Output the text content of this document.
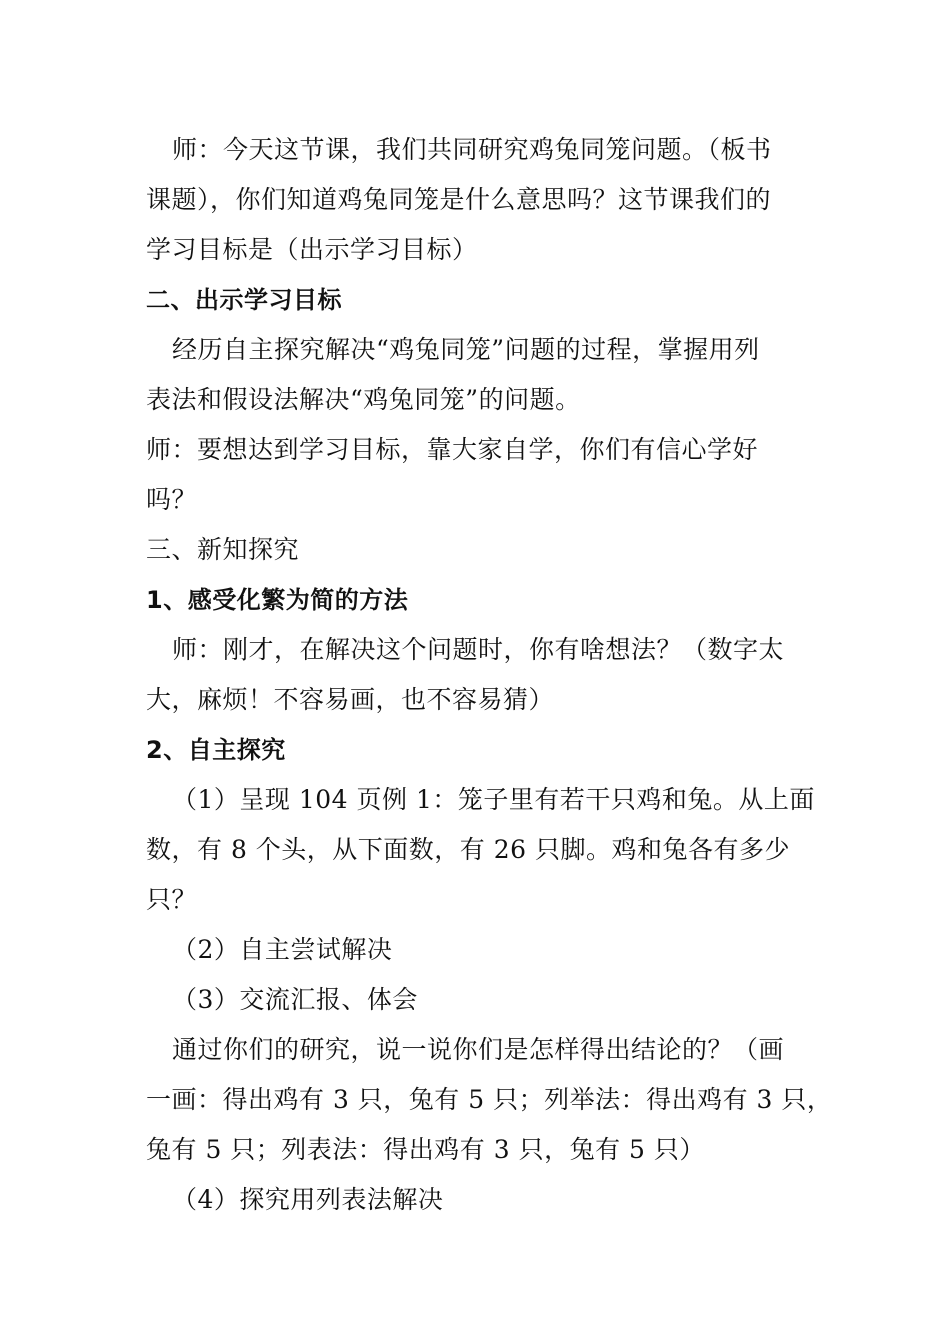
师：今天这节课，我们共同研究鸡兔同笼问题。（板书

课题），你们知道鸡兔同笼是什么意思吗？这节课我们的

学习目标是（出示学习目标）

二、出示学习目标

经历自主探究解决“鸡兔同笼”问题的过程，掌握用列

表法和假设法解决“鸡兔同笼”的问题。

师：要想达到学习目标，靠大家自学，你们有信心学好

吗？

三、新知探究

1、感受化繁为简的方法

师：刚才，在解决这个问题时，你有啥想法？（数字太

大，麻烦！不容易画，也不容易猜）

2、自主探究

（1）呈现 104 页例 1：笼子里有若干只鸡和兔。从上面

数，有 8 个头，从下面数，有 26 只脚。鸡和兔各有多少

只？

（2）自主尝试解决

（3）交流汇报、体会

通过你们的研究，说一说你们是怎样得出结论的？（画

一画：得出鸡有 3 只，兔有 5 只；列举法：得出鸡有 3 只，

兔有 5 只；列表法：得出鸡有 3 只，兔有 5 只）

（4）探究用列表法解决
